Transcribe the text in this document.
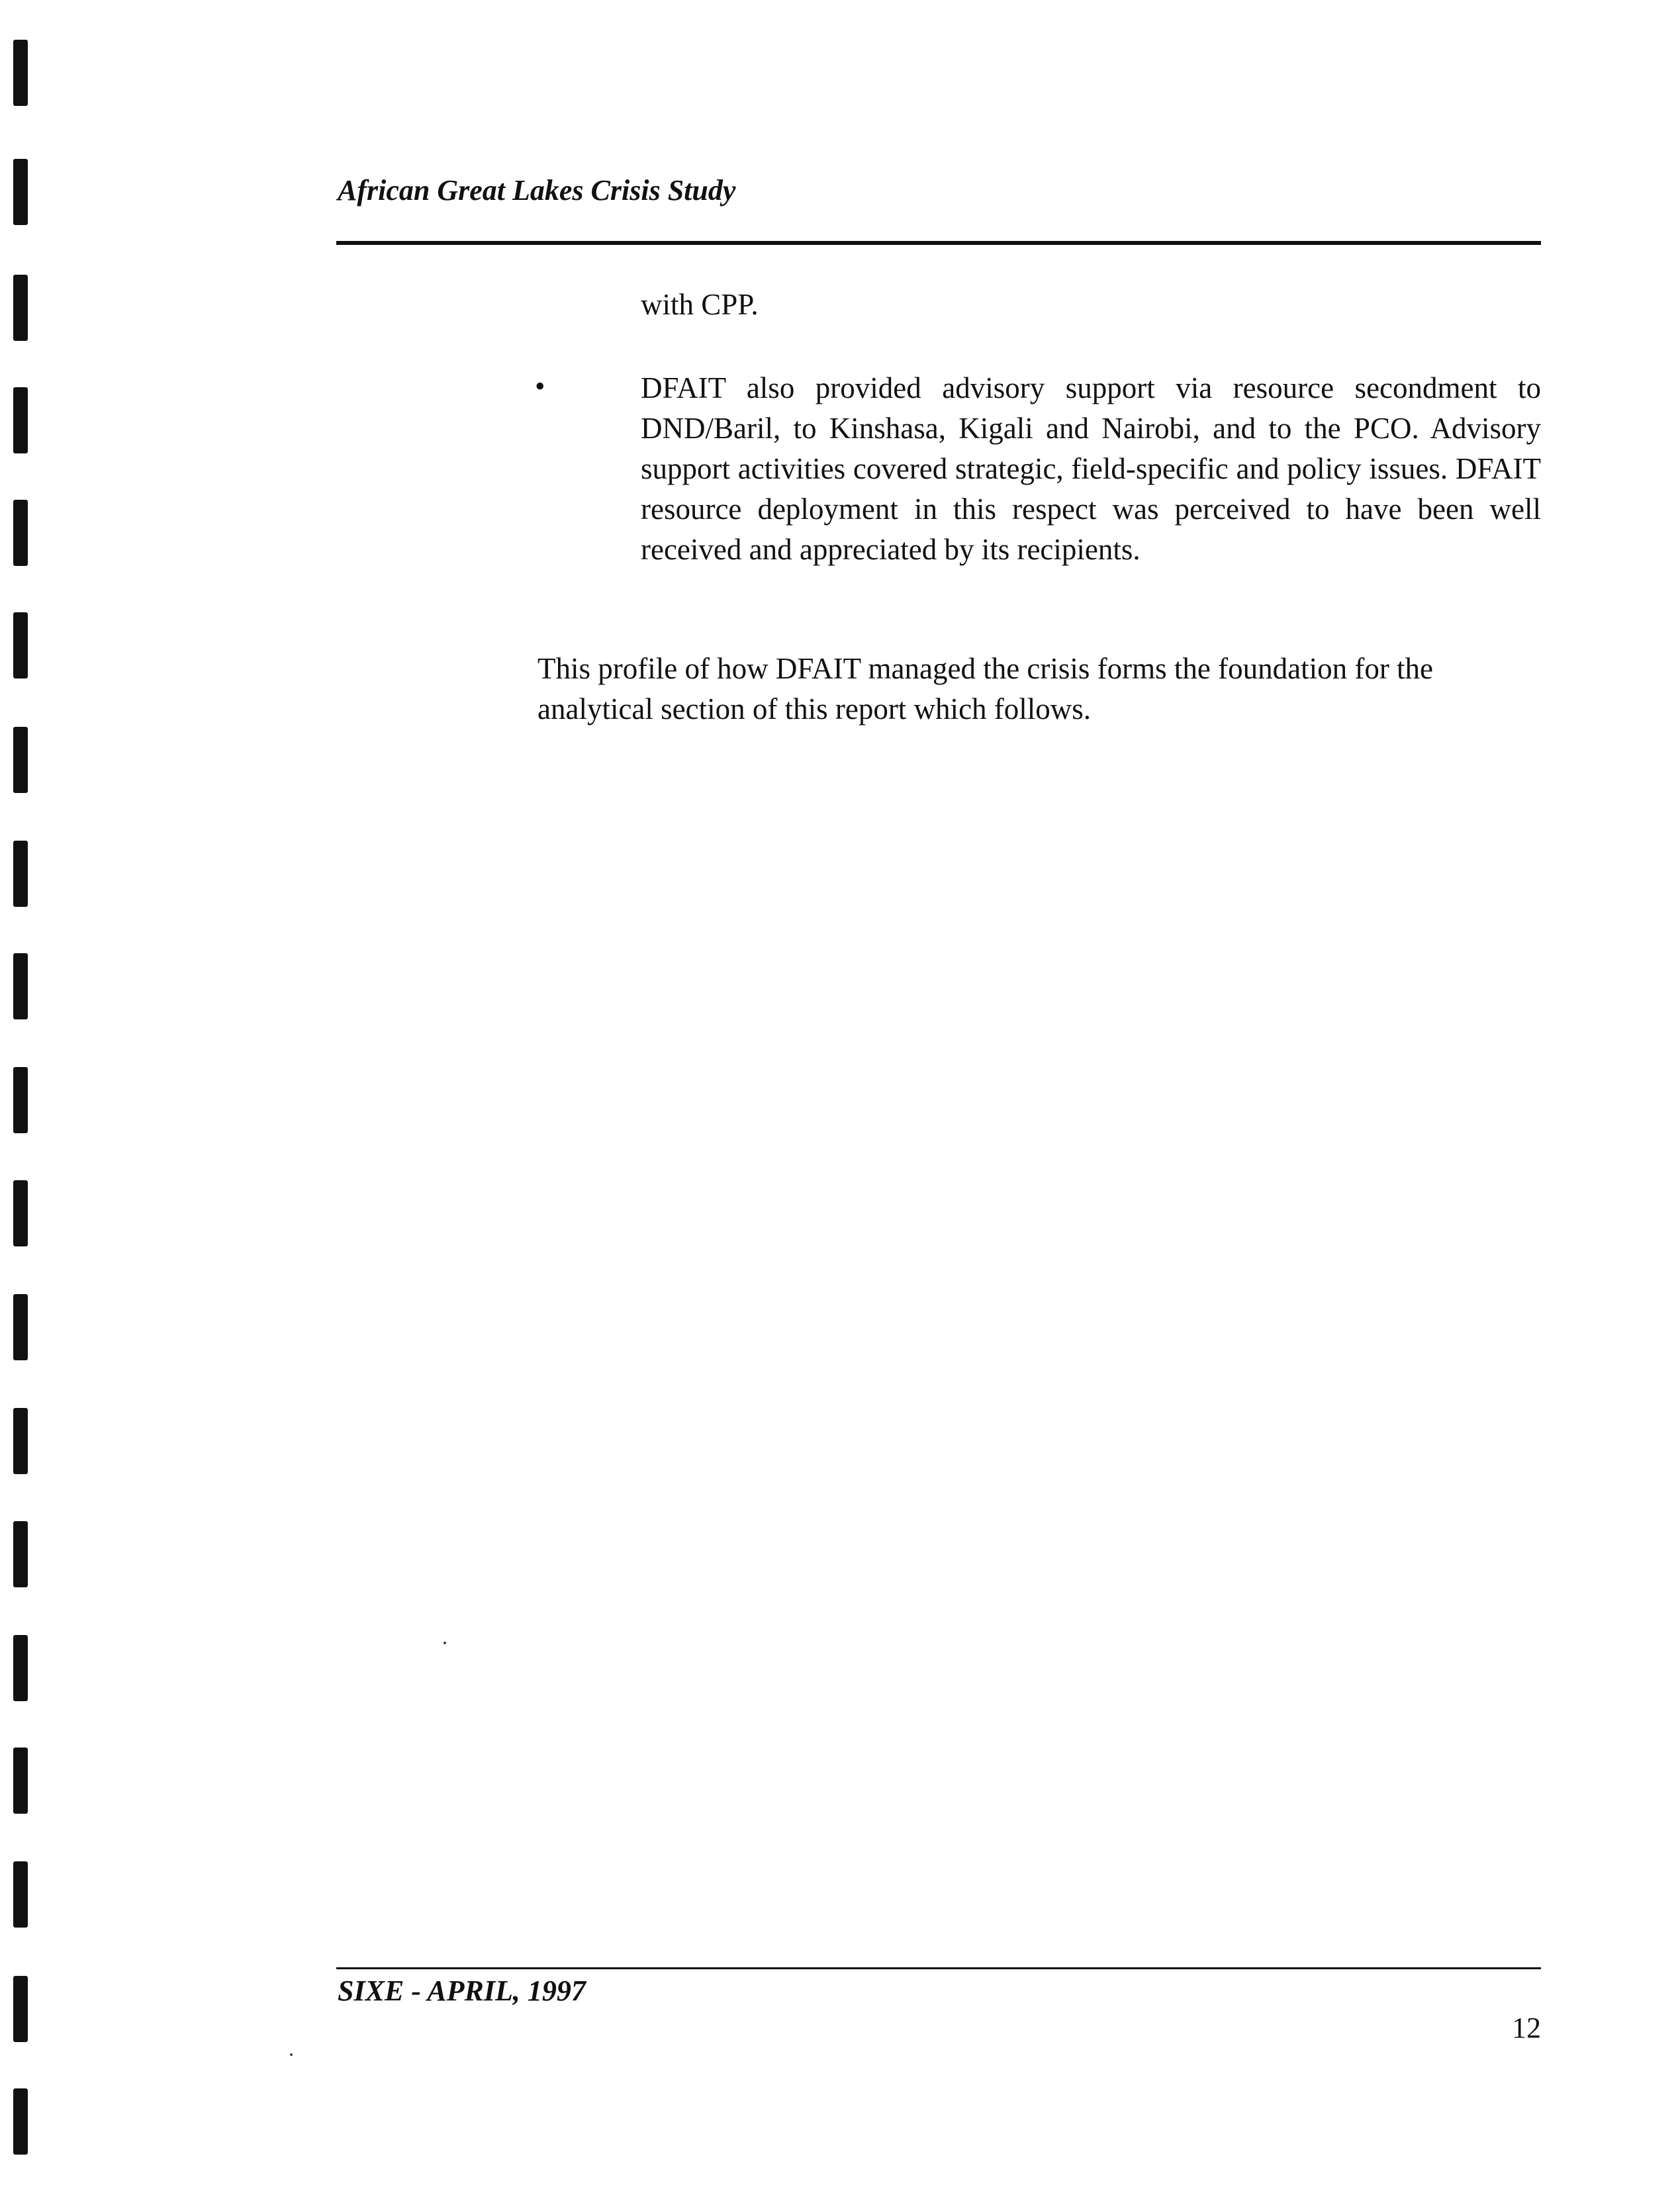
African Great Lakes Crisis Study
with CPP.
•	DFAIT also provided advisory support via resource secondment to DND/Baril, to Kinshasa, Kigali and Nairobi, and to the PCO. Advisory support activities covered strategic, field-specific and policy issues. DFAIT resource deployment in this respect was perceived to have been well received and appreciated by its recipients.
This profile of how DFAIT managed the crisis forms the foundation for the analytical section of this report which follows.
SIXE - APRIL, 1997
12
